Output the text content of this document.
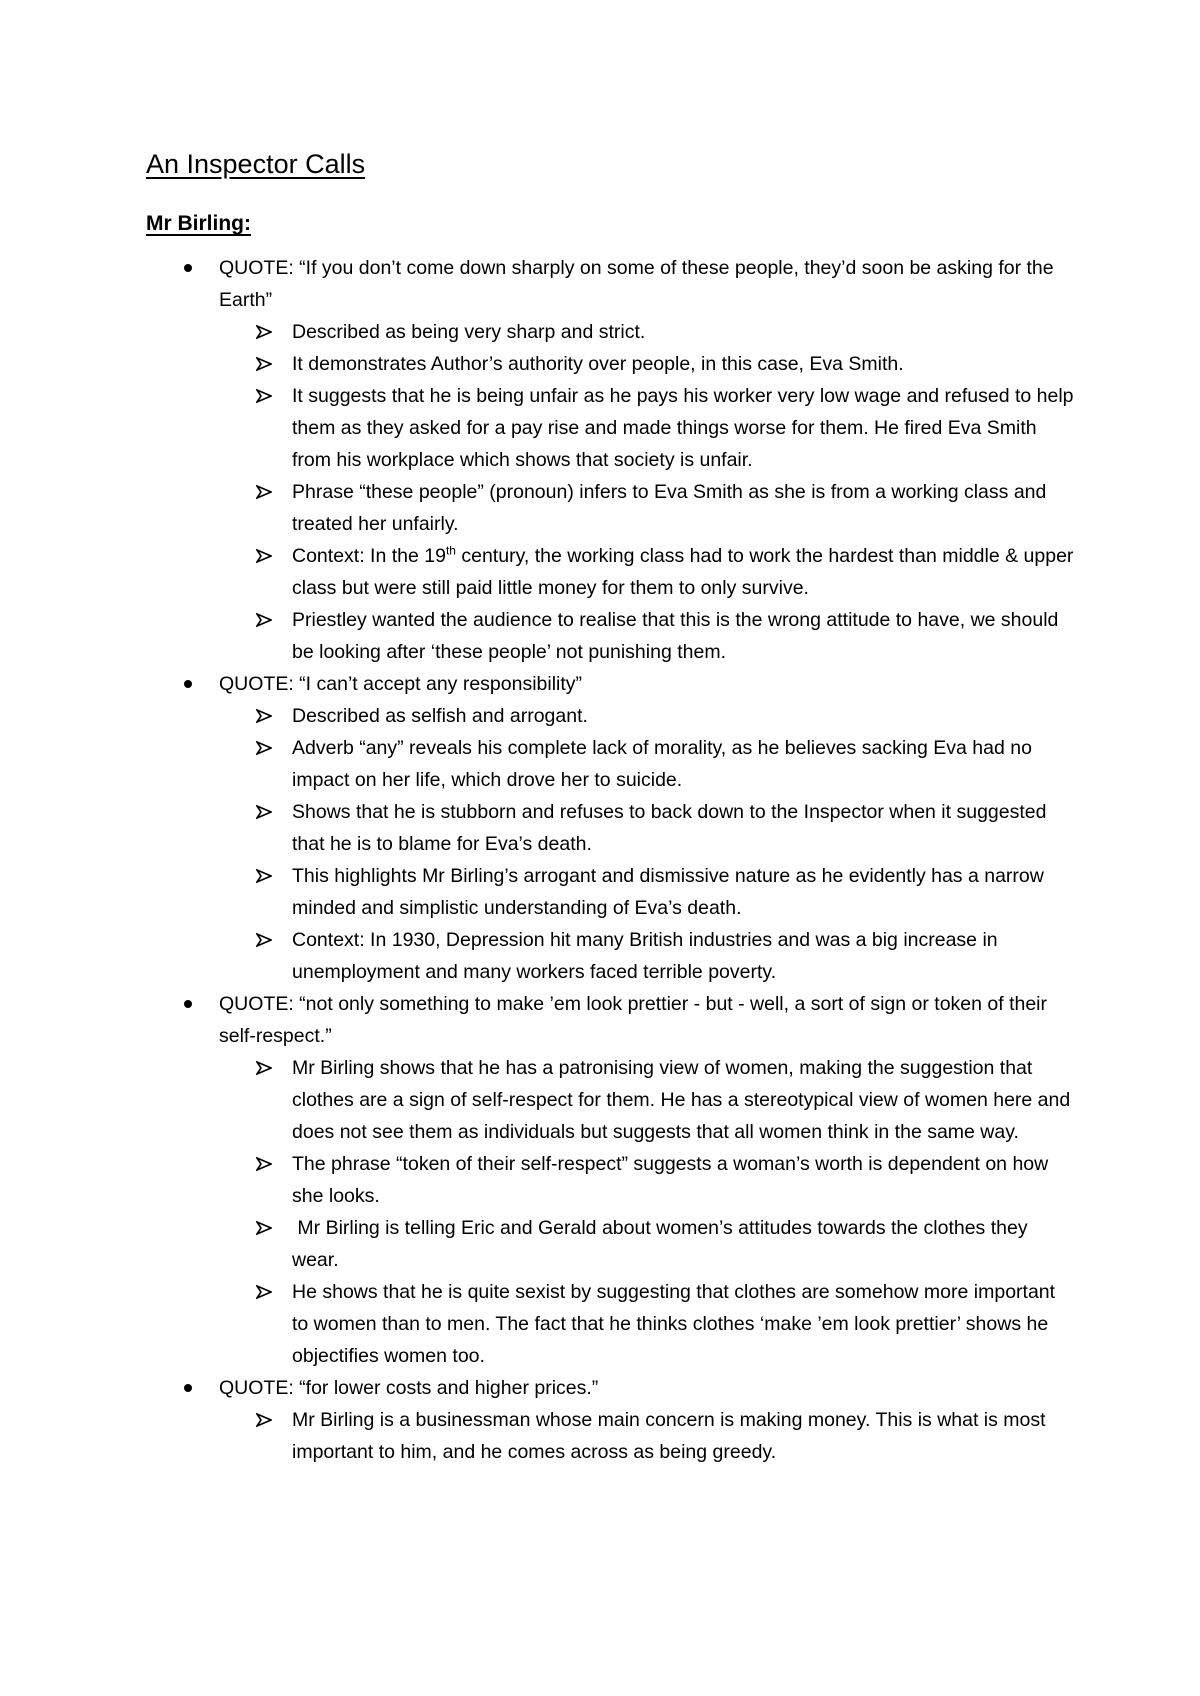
An Inspector Calls
Mr Birling:
QUOTE: “If you don’t come down sharply on some of these people, they’d soon be asking for the Earth”
Described as being very sharp and strict.
It demonstrates Author’s authority over people, in this case, Eva Smith.
It suggests that he is being unfair as he pays his worker very low wage and refused to help them as they asked for a pay rise and made things worse for them. He fired Eva Smith from his workplace which shows that society is unfair.
Phrase “these people” (pronoun) infers to Eva Smith as she is from a working class and treated her unfairly.
Context: In the 19th century, the working class had to work the hardest than middle & upper class but were still paid little money for them to only survive.
Priestley wanted the audience to realise that this is the wrong attitude to have, we should be looking after ‘these people’ not punishing them.
QUOTE: “I can’t accept any responsibility”
Described as selfish and arrogant.
Adverb “any” reveals his complete lack of morality, as he believes sacking Eva had no impact on her life, which drove her to suicide.
Shows that he is stubborn and refuses to back down to the Inspector when it suggested that he is to blame for Eva’s death.
This highlights Mr Birling’s arrogant and dismissive nature as he evidently has a narrow minded and simplistic understanding of Eva’s death.
Context: In 1930, Depression hit many British industries and was a big increase in unemployment and many workers faced terrible poverty.
QUOTE: “not only something to make ’em look prettier - but - well, a sort of sign or token of their self-respect.”
Mr Birling shows that he has a patronising view of women, making the suggestion that clothes are a sign of self-respect for them. He has a stereotypical view of women here and does not see them as individuals but suggests that all women think in the same way.
The phrase “token of their self-respect” suggests a woman’s worth is dependent on how she looks.
Mr Birling is telling Eric and Gerald about women’s attitudes towards the clothes they wear.
He shows that he is quite sexist by suggesting that clothes are somehow more important to women than to men. The fact that he thinks clothes ‘make ’em look prettier’ shows he objectifies women too.
QUOTE: “for lower costs and higher prices.”
Mr Birling is a businessman whose main concern is making money. This is what is most important to him, and he comes across as being greedy.
